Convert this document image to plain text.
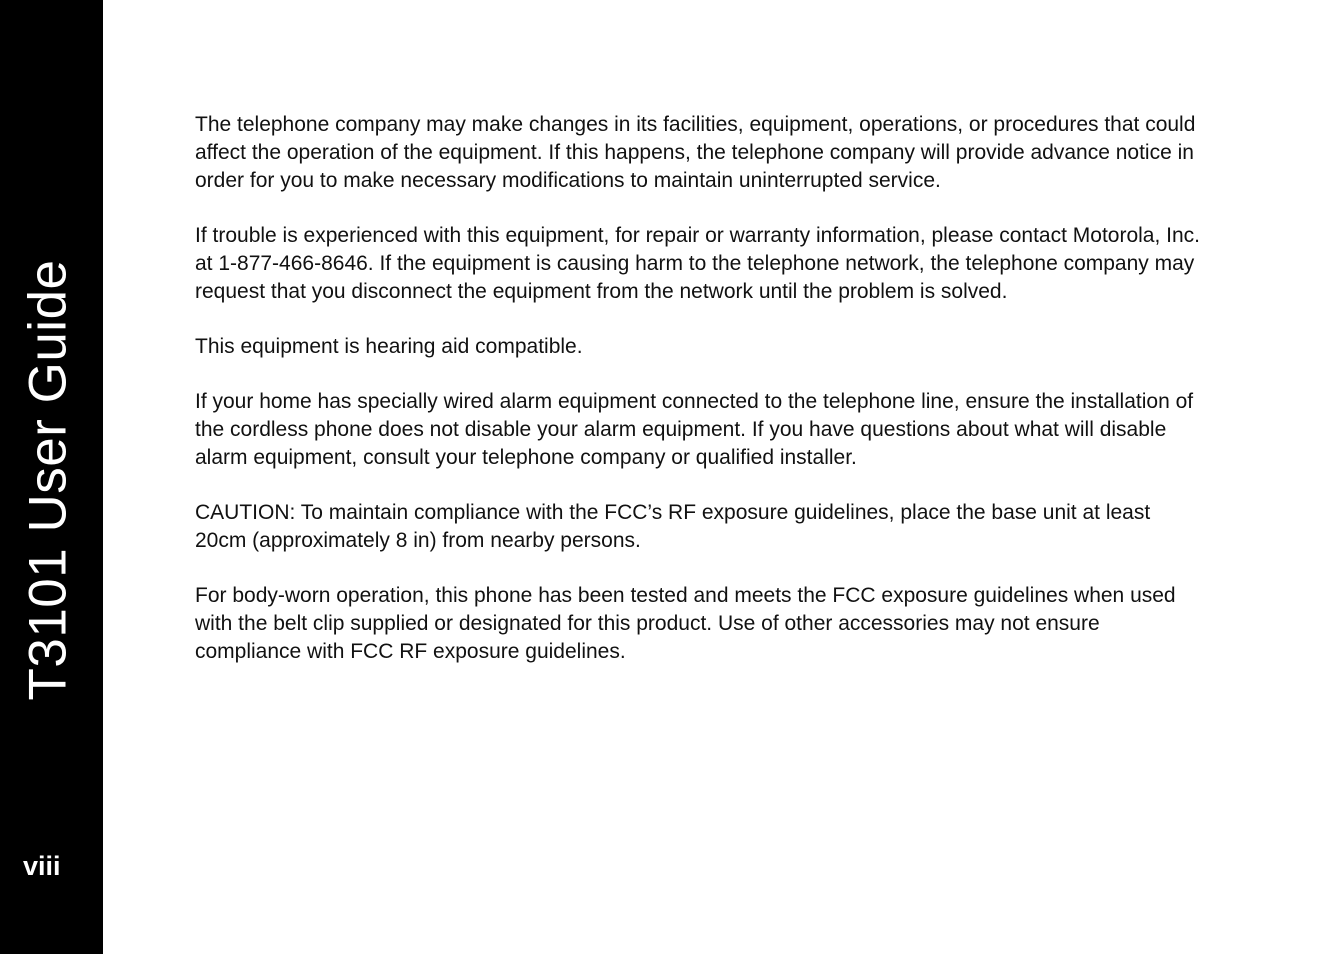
T3101 User Guide
viii

The telephone company may make changes in its facilities, equipment, operations, or procedures that could affect the operation of the equipment. If this happens, the telephone company will provide advance notice in order for you to make necessary modifications to maintain uninterrupted service.

If trouble is experienced with this equipment, for repair or warranty information, please contact Motorola, Inc. at 1-877-466-8646. If the equipment is causing harm to the telephone network, the telephone company may request that you disconnect the equipment from the network until the problem is solved.

This equipment is hearing aid compatible.

If your home has specially wired alarm equipment connected to the telephone line, ensure the installation of the cordless phone does not disable your alarm equipment. If you have questions about what will disable alarm equipment, consult your telephone company or qualified installer.

CAUTION: To maintain compliance with the FCC’s RF exposure guidelines, place the base unit at least 20cm (approximately 8 in) from nearby persons.

For body-worn operation, this phone has been tested and meets the FCC exposure guidelines when used with the belt clip supplied or designated for this product. Use of other accessories may not ensure compliance with FCC RF exposure guidelines.
